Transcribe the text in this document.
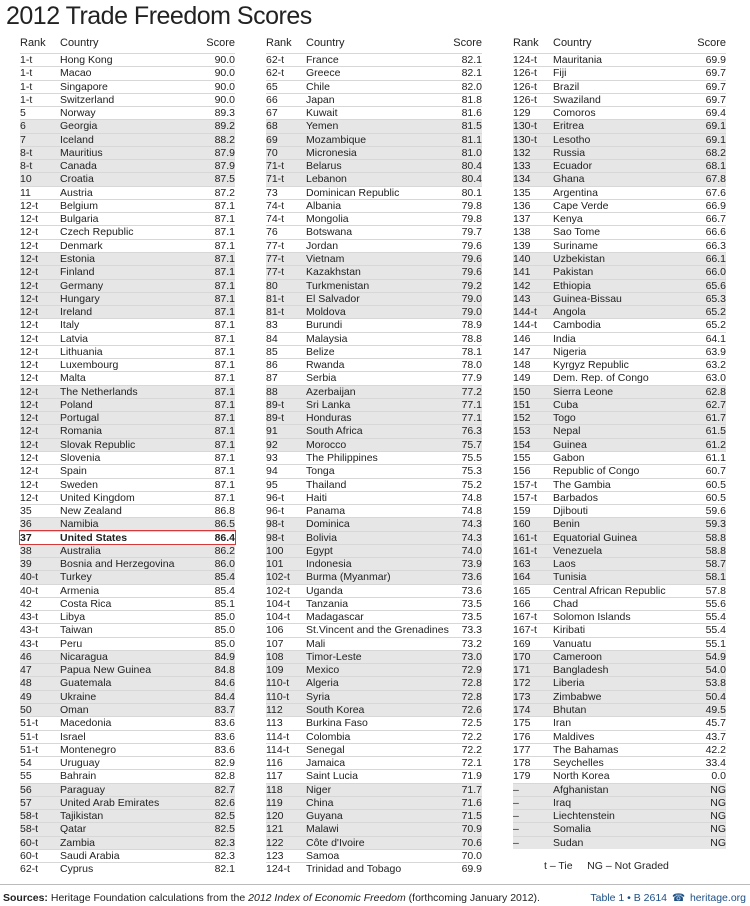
2012 Trade Freedom Scores
Rank Country	Score
1-t	Hong Kong	90.0
1-t	Macao	90.0
1-t	Singapore	90.0
1-t	Switzerland	90.0
5	Norway	89.3
6	Georgia	89.2
7	Iceland	88.2
8-t	Mauritius	87.9
8-t	Canada	87.9
10	Croatia	87.5
11	Austria	87.2
12-t Belgium	87.1
12-t Bulgaria	87.1
12-t Czech Republic	87.1
12-t Denmark	87.1
12-t Estonia	87.1
12-t Finland	87.1
12-t Germany	87.1
12-t Hungary	87.1
12-t Ireland	87.1
12-t Italy	87.1
12-t Latvia	87.1
12-t Lithuania	87.1
12-t Luxembourg	87.1
12-t Malta	87.1
12-t The Netherlands	87.1
12-t Poland	87.1
12-t Portugal	87.1
12-t Romania	87.1
12-t Slovak Republic	87.1
12-t Slovenia	87.1
12-t Spain	87.1
12-t Sweden	87.1
12-t United Kingdom	87.1
35	New Zealand	86.8
36	Namibia	86.5
37	United States	86.4
38	Australia	86.2
39	Bosnia and Herzegovina	86.0
40-t Turkey	85.4
40-t Armenia	85.4
42	Costa Rica	85.1
43-t Libya	85.0
43-t Taiwan	85.0
43-t Peru	85.0
46	Nicaragua	84.9
47	Papua New Guinea	84.8
48	Guatemala	84.6
49	Ukraine	84.4
50	Oman	83.7
51-t Macedonia	83.6
51-t Israel	83.6
51-t Montenegro	83.6
54	Uruguay	82.9
55	Bahrain	82.8
56	Paraguay	82.7
57	United Arab Emirates	82.6
58-t Tajikistan	82.5
58-t Qatar	82.5
60-t Zambia	82.3
60-t Saudi Arabia	82.3
62-t Cyprus	82.1
Rank Country	Score
62-t France	82.1
62-t Greece	82.1
65	Chile	82.0
66	Japan	81.8
67	Kuwait	81.6
68	Yemen	81.5
69	Mozambique	81.1
70	Micronesia	81.0
71-t Belarus	80.4
71-t Lebanon	80.4
73	Dominican Republic	80.1
74-t Albania	79.8
74-t Mongolia	79.8
76	Botswana	79.7
77-t Jordan	79.6
77-t Vietnam	79.6
77-t Kazakhstan	79.6
80	Turkmenistan	79.2
81-t El Salvador	79.0
81-t Moldova	79.0
83	Burundi	78.9
84	Malaysia	78.8
85	Belize	78.1
86	Rwanda	78.0
87	Serbia	77.9
88	Azerbaijan	77.2
89-t Sri Lanka	77.1
89-t Honduras	77.1
91	South Africa	76.3
92	Morocco	75.7
93	The Philippines	75.5
94	Tonga	75.3
95	Thailand	75.2
96-t Haiti	74.8
96-t Panama	74.8
98-t Dominica	74.3
98-t Bolivia	74.3
100 Egypt	74.0
101 Indonesia	73.9
102-t Burma (Myanmar)	73.6
102-t Uganda	73.6
104-t Tanzania	73.5
104-t Madagascar	73.5
106 St.Vincent and the Grenadines 73.3
107 Mali	73.2
108 Timor-Leste	73.0
109 Mexico	72.9
110-t Algeria	72.8
110-t Syria	72.8
112 South Korea	72.6
113 Burkina Faso	72.5
114-t Colombia	72.2
114-t Senegal	72.2
116 Jamaica	72.1
117 Saint Lucia	71.9
118 Niger	71.7
119 China	71.6
120 Guyana	71.5
121 Malawi	70.9
122 Côte d'Ivoire	70.6
123 Samoa	70.0
124-t Trinidad and Tobago	69.9
Rank Country	Score
124-t Mauritania	69.9
126-t Fiji	69.7
126-t Brazil	69.7
126-t Swaziland	69.7
129 Comoros	69.4
130-t Eritrea	69.1
130-t Lesotho	69.1
132 Russia	68.2
133 Ecuador	68.1
134 Ghana	67.8
135 Argentina	67.6
136 Cape Verde	66.9
137 Kenya	66.7
138 Sao Tome	66.6
139 Suriname	66.3
140 Uzbekistan	66.1
141 Pakistan	66.0
142 Ethiopia	65.6
143 Guinea-Bissau	65.3
144-t Angola	65.2
144-t Cambodia	65.2
146 India	64.1
147 Nigeria	63.9
148 Kyrgyz Republic	63.2
149 Dem. Rep. of Congo	63.0
150 Sierra Leone	62.8
151 Cuba	62.7
152 Togo	61.7
153 Nepal	61.5
154 Guinea	61.2
155 Gabon	61.1
156 Republic of Congo	60.7
157-t The Gambia	60.5
157-t Barbados	60.5
159 Djibouti	59.6
160 Benin	59.3
161-t Equatorial Guinea	58.8
161-t Venezuela	58.8
163 Laos	58.7
164 Tunisia	58.1
165 Central African Republic	57.8
166 Chad	55.6
167-t Solomon Islands	55.4
167-t Kiribati	55.4
169 Vanuatu	55.1
170 Cameroon	54.9
171 Bangladesh	54.0
172 Liberia	53.8
173 Zimbabwe	50.4
174 Bhutan	49.5
175 Iran	45.7
176 Maldives	43.7
177 The Bahamas	42.2
178 Seychelles	33.4
179 North Korea	0.0
–	Afghanistan	NG
–	Iraq	NG
–	Liechtenstein	NG
–	Somalia	NG
–	Sudan	NG
t – Tie     NG – Not Graded
Sources: Heritage Foundation calculations from the 2012 Index of Economic Freedom (forthcoming January 2012).	Table 1 • B 2614 ☎ heritage.org
